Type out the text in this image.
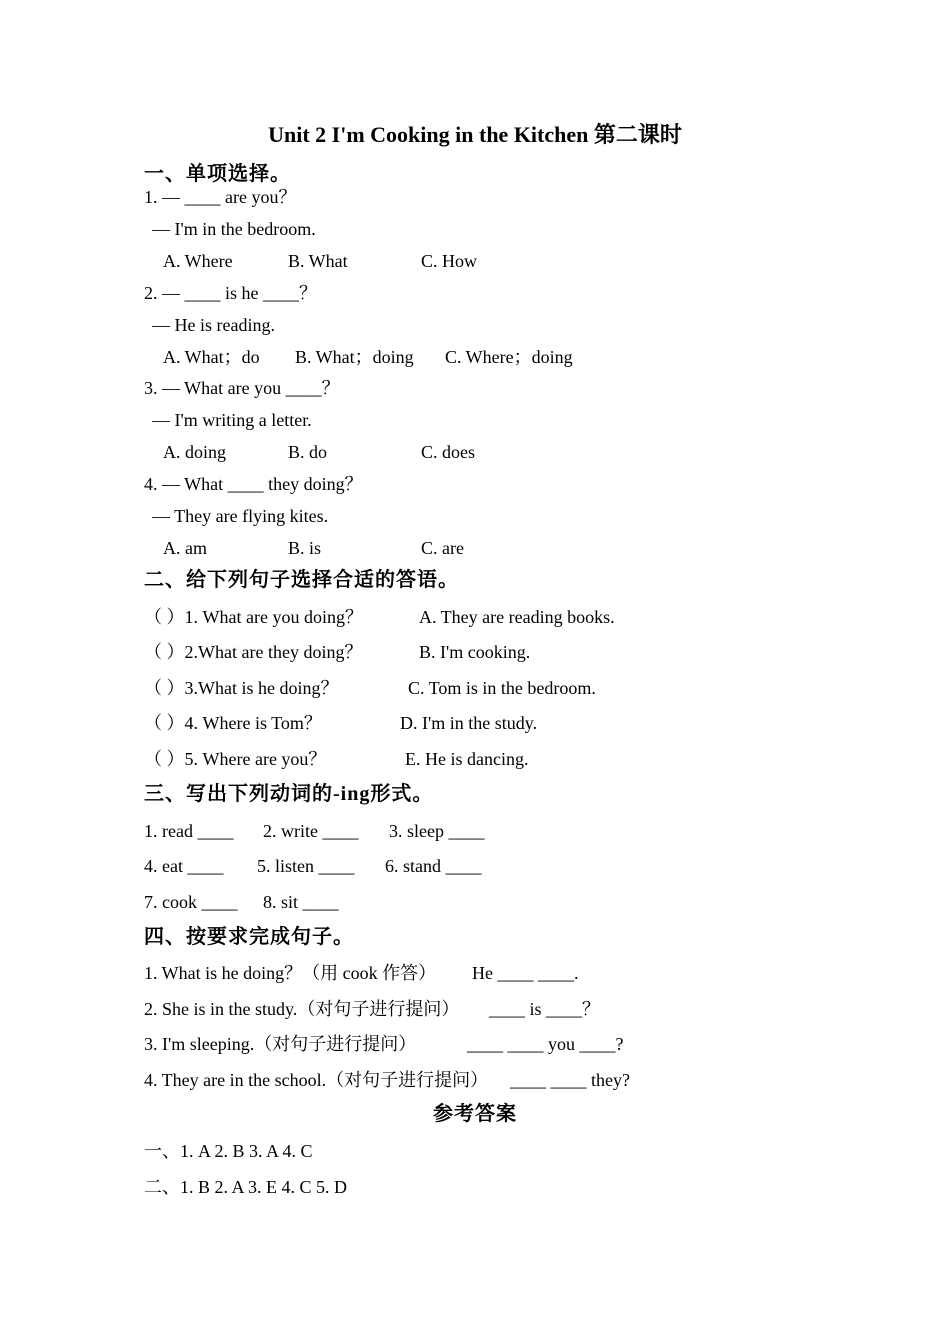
Unit 2 I'm Cooking in the Kitchen 第二课时
一、单项选择。
1. — ____ are you？
— I'm in the bedroom.
A. Where	B. What	C. How
2. — ____ is he ____？
— He is reading.
A. What；do B. What；doing C. Where；doing
3. — What are you ____？
— I'm writing a letter.
A. doing	B. do	C. does
4. — What ____ they doing？
— They are flying kites.
A. am	B. is	C. are
二、给下列句子选择合适的答语。
（ ）1. What are you doing？	A. They are reading books.
（ ）2.What are they doing？	B. I'm cooking.
（ ）3.What is he doing？	C. Tom is in the bedroom.
（ ）4. Where is Tom？	D. I'm in the study.
（ ）5. Where are you？	E. He is dancing.
三、写出下列动词的-ing形式。
1. read ____ 2. write ____ 3. sleep ____
4. eat ____ 5. listen ____ 6. stand ____
7. cook ____ 8. sit ____
四、按要求完成句子。
1. What is he doing？（用 cook 作答） He ____ ____.
2. She is in the study.（对句子进行提问） ____ is ____？
3. I'm sleeping.（对句子进行提问）	____ ____ you ____?
4. They are in the school.（对句子进行提问） ____ ____ they?
参考答案
一、1. A 2. B 3. A 4. C
二、1. B 2. A 3. E 4. C 5. D
